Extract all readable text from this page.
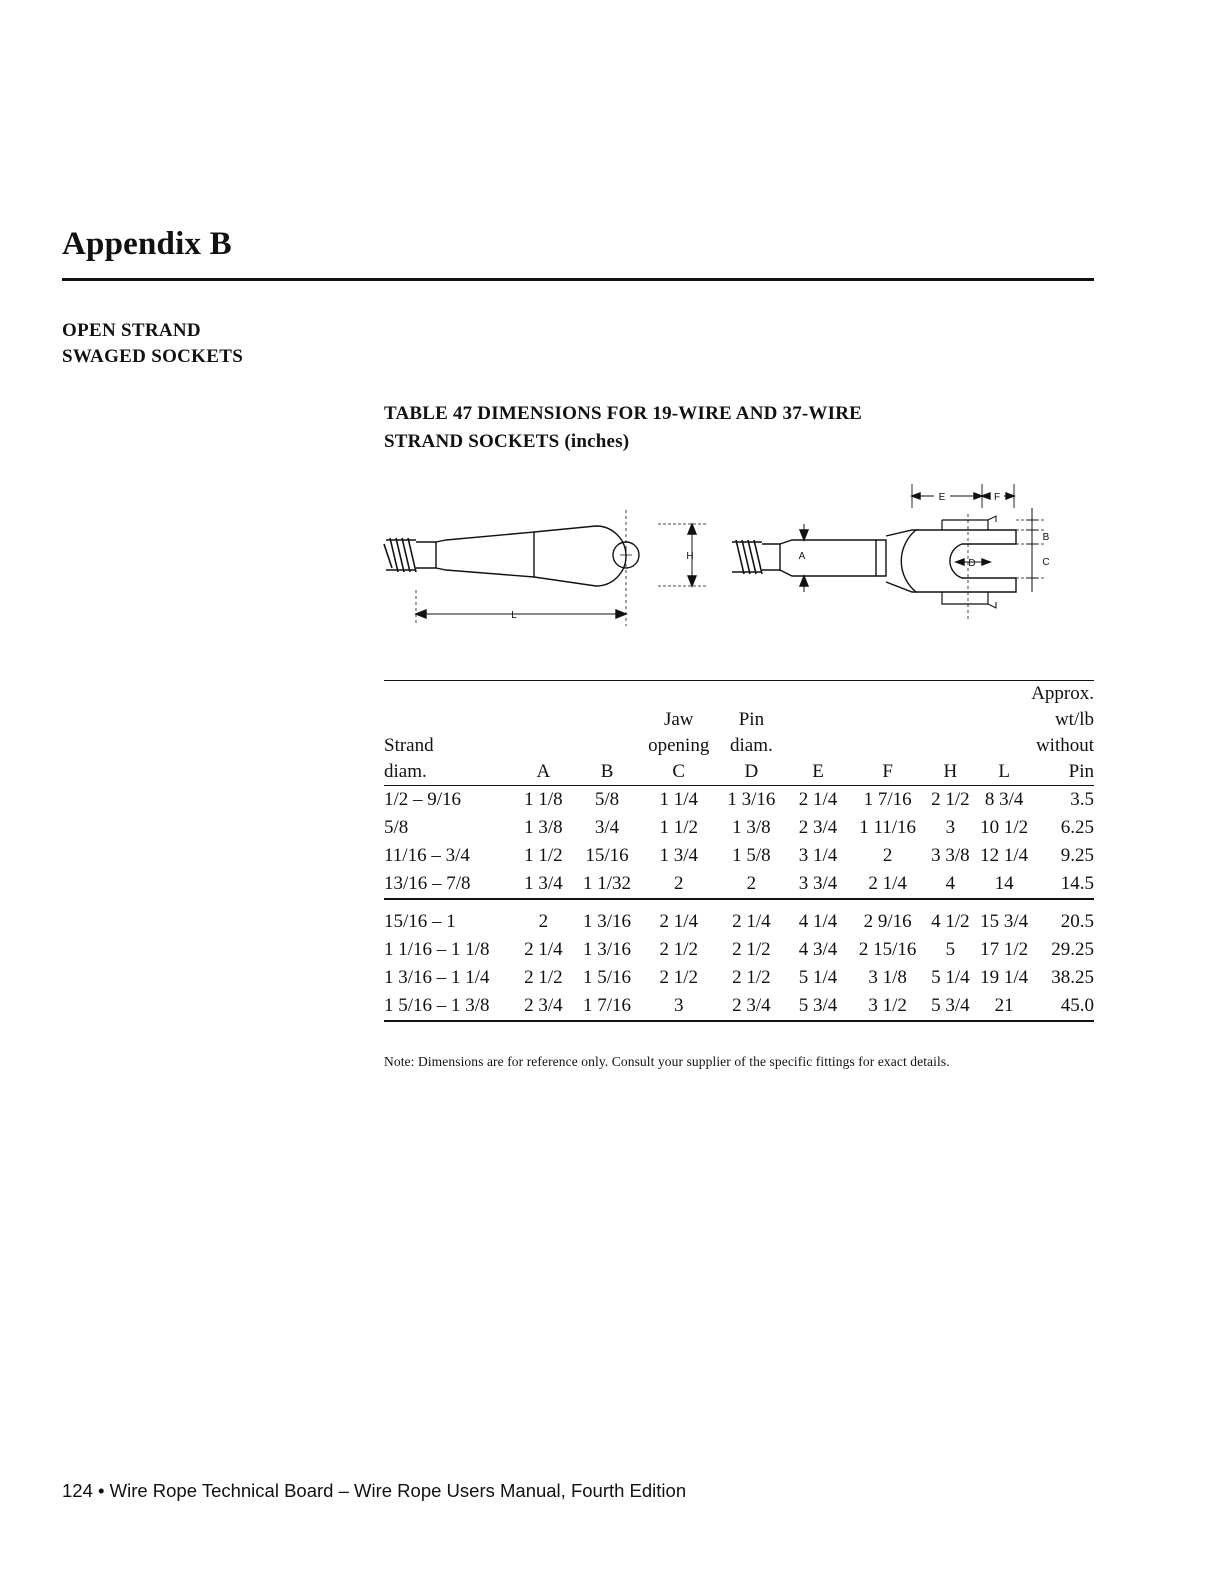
Appendix B
OPEN STRAND
SWAGED SOCKETS
TABLE 47 DIMENSIONS FOR 19-WIRE AND 37-WIRE
STRAND SOCKETS (inches)
L
H	A
D
E	F
B
C
									Approx.
			Jaw	Pin					wt/lb
Strand			opening	diam.					without
diam.	A	B	C	D	E	F	H	L	Pin
1/2 – 9/16	1 1/8	5/8	1 1/4	1 3/16	2 1/4	1 7/16	2 1/2	8 3/4	3.5
5/8	1 3/8	3/4	1 1/2	1 3/8	2 3/4	1 11/16	3	10 1/2	6.25
11/16 – 3/4	1 1/2	15/16	1 3/4	1 5/8	3 1/4	2	3 3/8	12 1/4	9.25
13/16 – 7/8	1 3/4	1 1/32	2	2	3 3/4	2 1/4	4	14	14.5

15/16 – 1	2	1 3/16	2 1/4	2 1/4	4 1/4	2 9/16	4 1/2	15 3/4	20.5
1 1/16 – 1 1/8	2 1/4	1 3/16	2 1/2	2 1/2	4 3/4	2 15/16	5	17 1/2	29.25
1 3/16 – 1 1/4	2 1/2	1 5/16	2 1/2	2 1/2	5 1/4	3 1/8	5 1/4	19 1/4	38.25
1 5/16 – 1 3/8	2 3/4	1 7/16	3	2 3/4	5 3/4	3 1/2	5 3/4	21	45.0
Note: Dimensions are for reference only. Consult your supplier of the specific fittings for exact details.
124 • Wire Rope Technical Board – Wire Rope Users Manual, Fourth Edition
